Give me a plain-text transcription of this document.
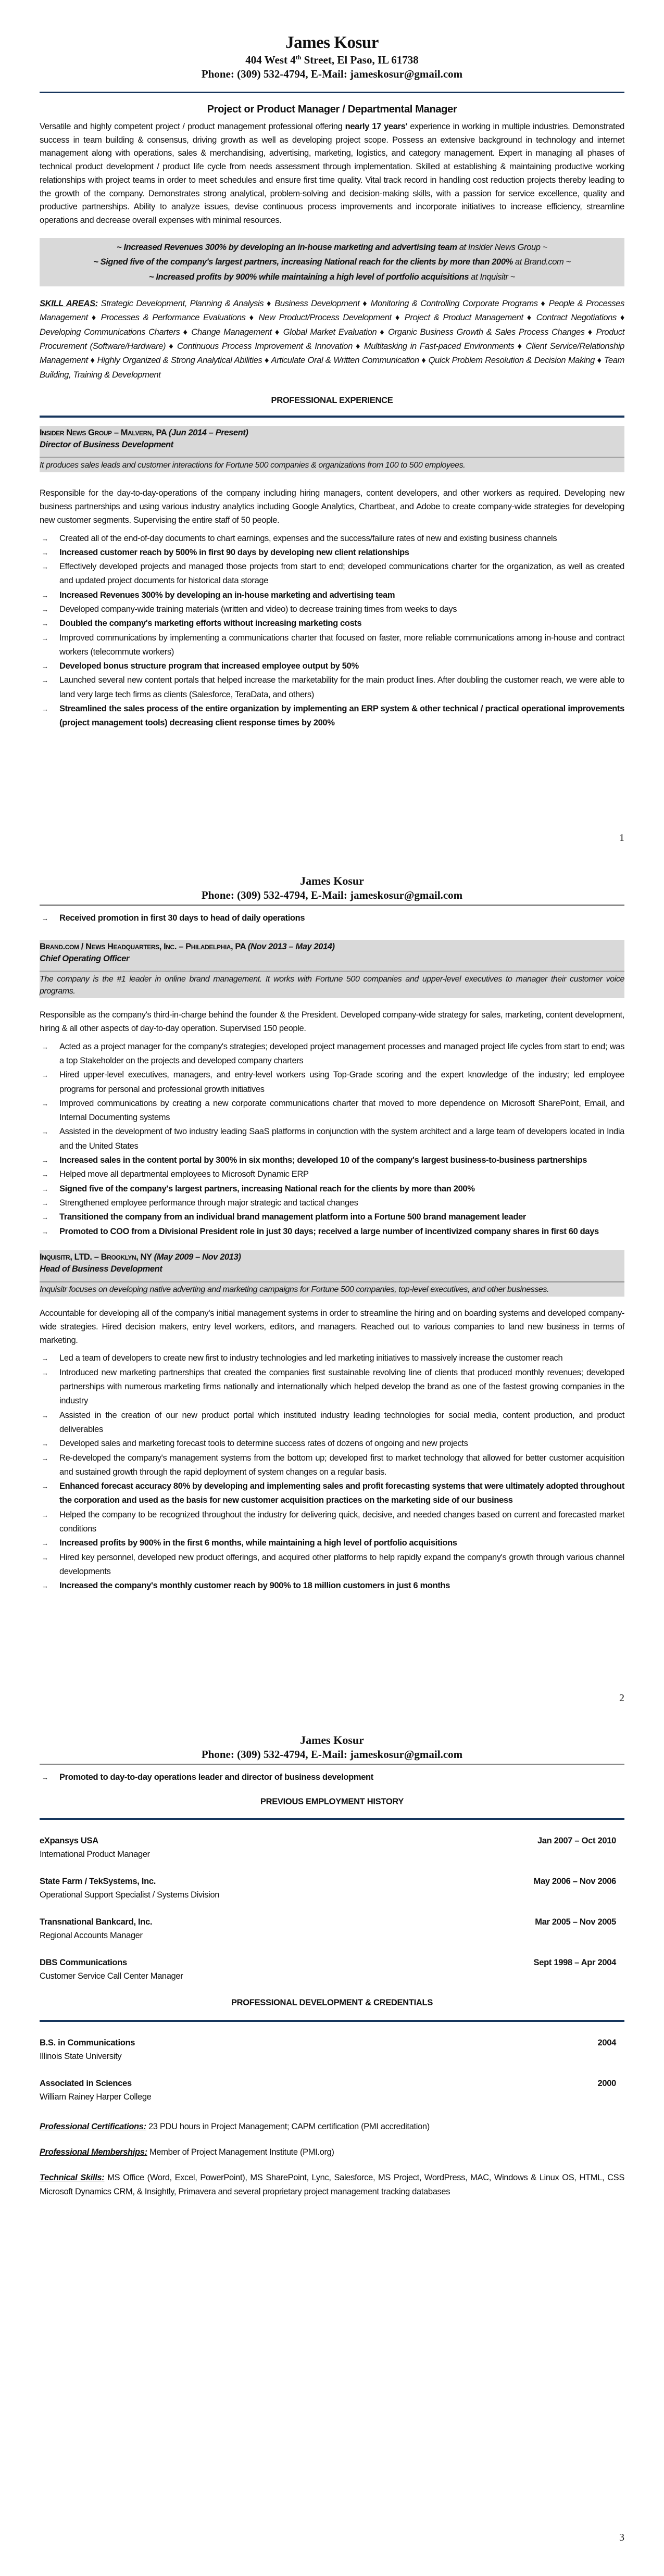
James Kosur
404 West 4th Street, El Paso, IL 61738
Phone: (309) 532-4794, E-Mail: jameskosur@gmail.com
Project or Product Manager / Departmental Manager

Versatile and highly competent project / product management professional offering nearly 17 years' experience in working in multiple industries. Demonstrated success in team building & consensus, driving growth as well as developing project scope. Possess an extensive background in technology and internet management along with operations, sales & merchandising, advertising, marketing, logistics, and category management. Expert in managing all phases of technical product development / product life cycle from needs assessment through implementation. Skilled at establishing & maintaining productive working relationships with project teams in order to meet schedules and ensure first time quality. Vital track record in handling cost reduction projects thereby leading to the growth of the company. Demonstrates strong analytical, problem-solving and decision-making skills, with a passion for service excellence, quality and productive partnerships. Ability to analyze issues, devise continuous process improvements and incorporate initiatives to increase efficiency, streamline operations and decrease overall expenses with minimal resources.

~ Increased Revenues 300% by developing an in-house marketing and advertising team at Insider News Group ~
~ Signed five of the company's largest partners, increasing National reach for the clients by more than 200% at Brand.com ~
~ Increased profits by 900% while maintaining a high level of portfolio acquisitions at Inquisitr ~

SKILL AREAS: Strategic Development, Planning & Analysis ♦ Business Development ♦ Monitoring & Controlling Corporate Programs ♦ People & Processes Management ♦ Processes & Performance Evaluations ♦ New Product/Process Development ♦ Project & Product Management ♦ Contract Negotiations ♦ Developing Communications Charters ♦ Change Management ♦ Global Market Evaluation ♦ Organic Business Growth & Sales Process Changes ♦ Product Procurement (Software/Hardware) ♦ Continuous Process Improvement & Innovation ♦ Multitasking in Fast-paced Environments ♦ Client Service/Relationship Management ♦ Highly Organized & Strong Analytical Abilities ♦ Articulate Oral & Written Communication ♦ Quick Problem Resolution & Decision Making ♦ Team Building, Training & Development

PROFESSIONAL EXPERIENCE
Insider News Group – Malvern, PA (Jun 2014 – Present)
Director of Business Development
It produces sales leads and customer interactions for Fortune 500 companies & organizations from 100 to 500 employees.

Responsible for the day-to-day-operations of the company including hiring managers, content developers, and other workers as required. Developing new business partnerships and using various industry analytics including Google Analytics, Chartbeat, and Adobe to create company-wide strategies for developing new customer segments. Supervising the entire staff of 50 people.

→ Created all of the end-of-day documents to chart earnings, expenses and the success/failure rates of new and existing business channels
→ Increased customer reach by 500% in first 90 days by developing new client relationships
→ Effectively developed projects and managed those projects from start to end; developed communications charter for the organization, as well as created and updated project documents for historical data storage
→ Increased Revenues 300% by developing an in-house marketing and advertising team
→ Developed company-wide training materials (written and video) to decrease training times from weeks to days
→ Doubled the company's marketing efforts without increasing marketing costs
→ Improved communications by implementing a communications charter that focused on faster, more reliable communications among in-house and contract workers (telecommute workers)
→ Developed bonus structure program that increased employee output by 50%
→ Launched several new content portals that helped increase the marketability for the main product lines. After doubling the customer reach, we were able to land very large tech firms as clients (Salesforce, TeraData, and others)
→ Streamlined the sales process of the entire organization by implementing an ERP system & other technical / practical operational improvements (project management tools) decreasing client response times by 200%
1
James Kosur
Phone: (309) 532-4794, E-Mail: jameskosur@gmail.com
→ Received promotion in first 30 days to head of daily operations
Brand.com / News Headquarters, Inc. – Philadelphia, PA (Nov 2013 – May 2014)
Chief Operating Officer
The company is the #1 leader in online brand management. It works with Fortune 500 companies and upper-level executives to manager their customer voice programs.

Responsible as the company's third-in-charge behind the founder & the President. Developed company-wide strategy for sales, marketing, content development, hiring & all other aspects of day-to-day operation. Supervised 150 people.

→ Acted as a project manager for the company's strategies; developed project management processes and managed project life cycles from start to end; was a top Stakeholder on the projects and developed company charters
→ Hired upper-level executives, managers, and entry-level workers using Top-Grade scoring and the expert knowledge of the industry; led employee programs for personal and professional growth initiatives
→ Improved communications by creating a new corporate communications charter that moved to more dependence on Microsoft SharePoint, Email, and Internal Documenting systems
→ Assisted in the development of two industry leading SaaS platforms in conjunction with the system architect and a large team of developers located in India and the United States
→ Increased sales in the content portal by 300% in six months; developed 10 of the company's largest business-to-business partnerships
→ Helped move all departmental employees to Microsoft Dynamic ERP
→ Signed five of the company's largest partners, increasing National reach for the clients by more than 200%
→ Strengthened employee performance through major strategic and tactical changes
→ Transitioned the company from an individual brand management platform into a Fortune 500 brand management leader
→ Promoted to COO from a Divisional President role in just 30 days; received a large number of incentivized company shares in first 60 days
Inquisitr, LTD. – Brooklyn, NY (May 2009 – Nov 2013)
Head of Business Development
Inquisitr focuses on developing native adverting and marketing campaigns for Fortune 500 companies, top-level executives, and other businesses.

Accountable for developing all of the company's initial management systems in order to streamline the hiring and on boarding systems and developed company-wide strategies. Hired decision makers, entry level workers, editors, and managers. Reached out to various companies to land new business in terms of marketing.

→ Led a team of developers to create new first to industry technologies and led marketing initiatives to massively increase the customer reach
→ Introduced new marketing partnerships that created the companies first sustainable revolving line of clients that produced monthly revenues; developed partnerships with numerous marketing firms nationally and internationally which helped develop the brand as one of the fastest growing companies in the industry
→ Assisted in the creation of our new product portal which instituted industry leading technologies for social media, content production, and product deliverables
→ Developed sales and marketing forecast tools to determine success rates of dozens of ongoing and new projects
→ Re-developed the company's management systems from the bottom up; developed first to market technology that allowed for better customer acquisition and sustained growth through the rapid deployment of system changes on a regular basis.
→ Enhanced forecast accuracy 80% by developing and implementing sales and profit forecasting systems that were ultimately adopted throughout the corporation and used as the basis for new customer acquisition practices on the marketing side of our business
→ Helped the company to be recognized throughout the industry for delivering quick, decisive, and needed changes based on current and forecasted market conditions
→ Increased profits by 900% in the first 6 months, while maintaining a high level of portfolio acquisitions
→ Hired key personnel, developed new product offerings, and acquired other platforms to help rapidly expand the company's growth through various channel developments
→ Increased the company's monthly customer reach by 900% to 18 million customers in just 6 months
2
James Kosur
Phone: (309) 532-4794, E-Mail: jameskosur@gmail.com
→ Promoted to day-to-day operations leader and director of business development
PREVIOUS EMPLOYMENT HISTORY
eXpansys USA	Jan 2007 – Oct 2010
International Product Manager
State Farm / TekSystems, Inc.	May 2006 – Nov 2006
Operational Support Specialist / Systems Division
Transnational Bankcard, Inc.	Mar 2005 – Nov 2005
Regional Accounts Manager
DBS Communications	Sept 1998 – Apr 2004
Customer Service Call Center Manager
PROFESSIONAL DEVELOPMENT & CREDENTIALS
B.S. in Communications	2004
Illinois State University
Associated in Sciences	2000
William Rainey Harper College

Professional Certifications: 23 PDU hours in Project Management; CAPM certification (PMI accreditation)

Professional Memberships: Member of Project Management Institute (PMI.org)

Technical Skills: MS Office (Word, Excel, PowerPoint), MS SharePoint, Lync, Salesforce, MS Project, WordPress, MAC, Windows & Linux OS, HTML, CSS Microsoft Dynamics CRM, & Insightly, Primavera and several proprietary project management tracking databases

3
